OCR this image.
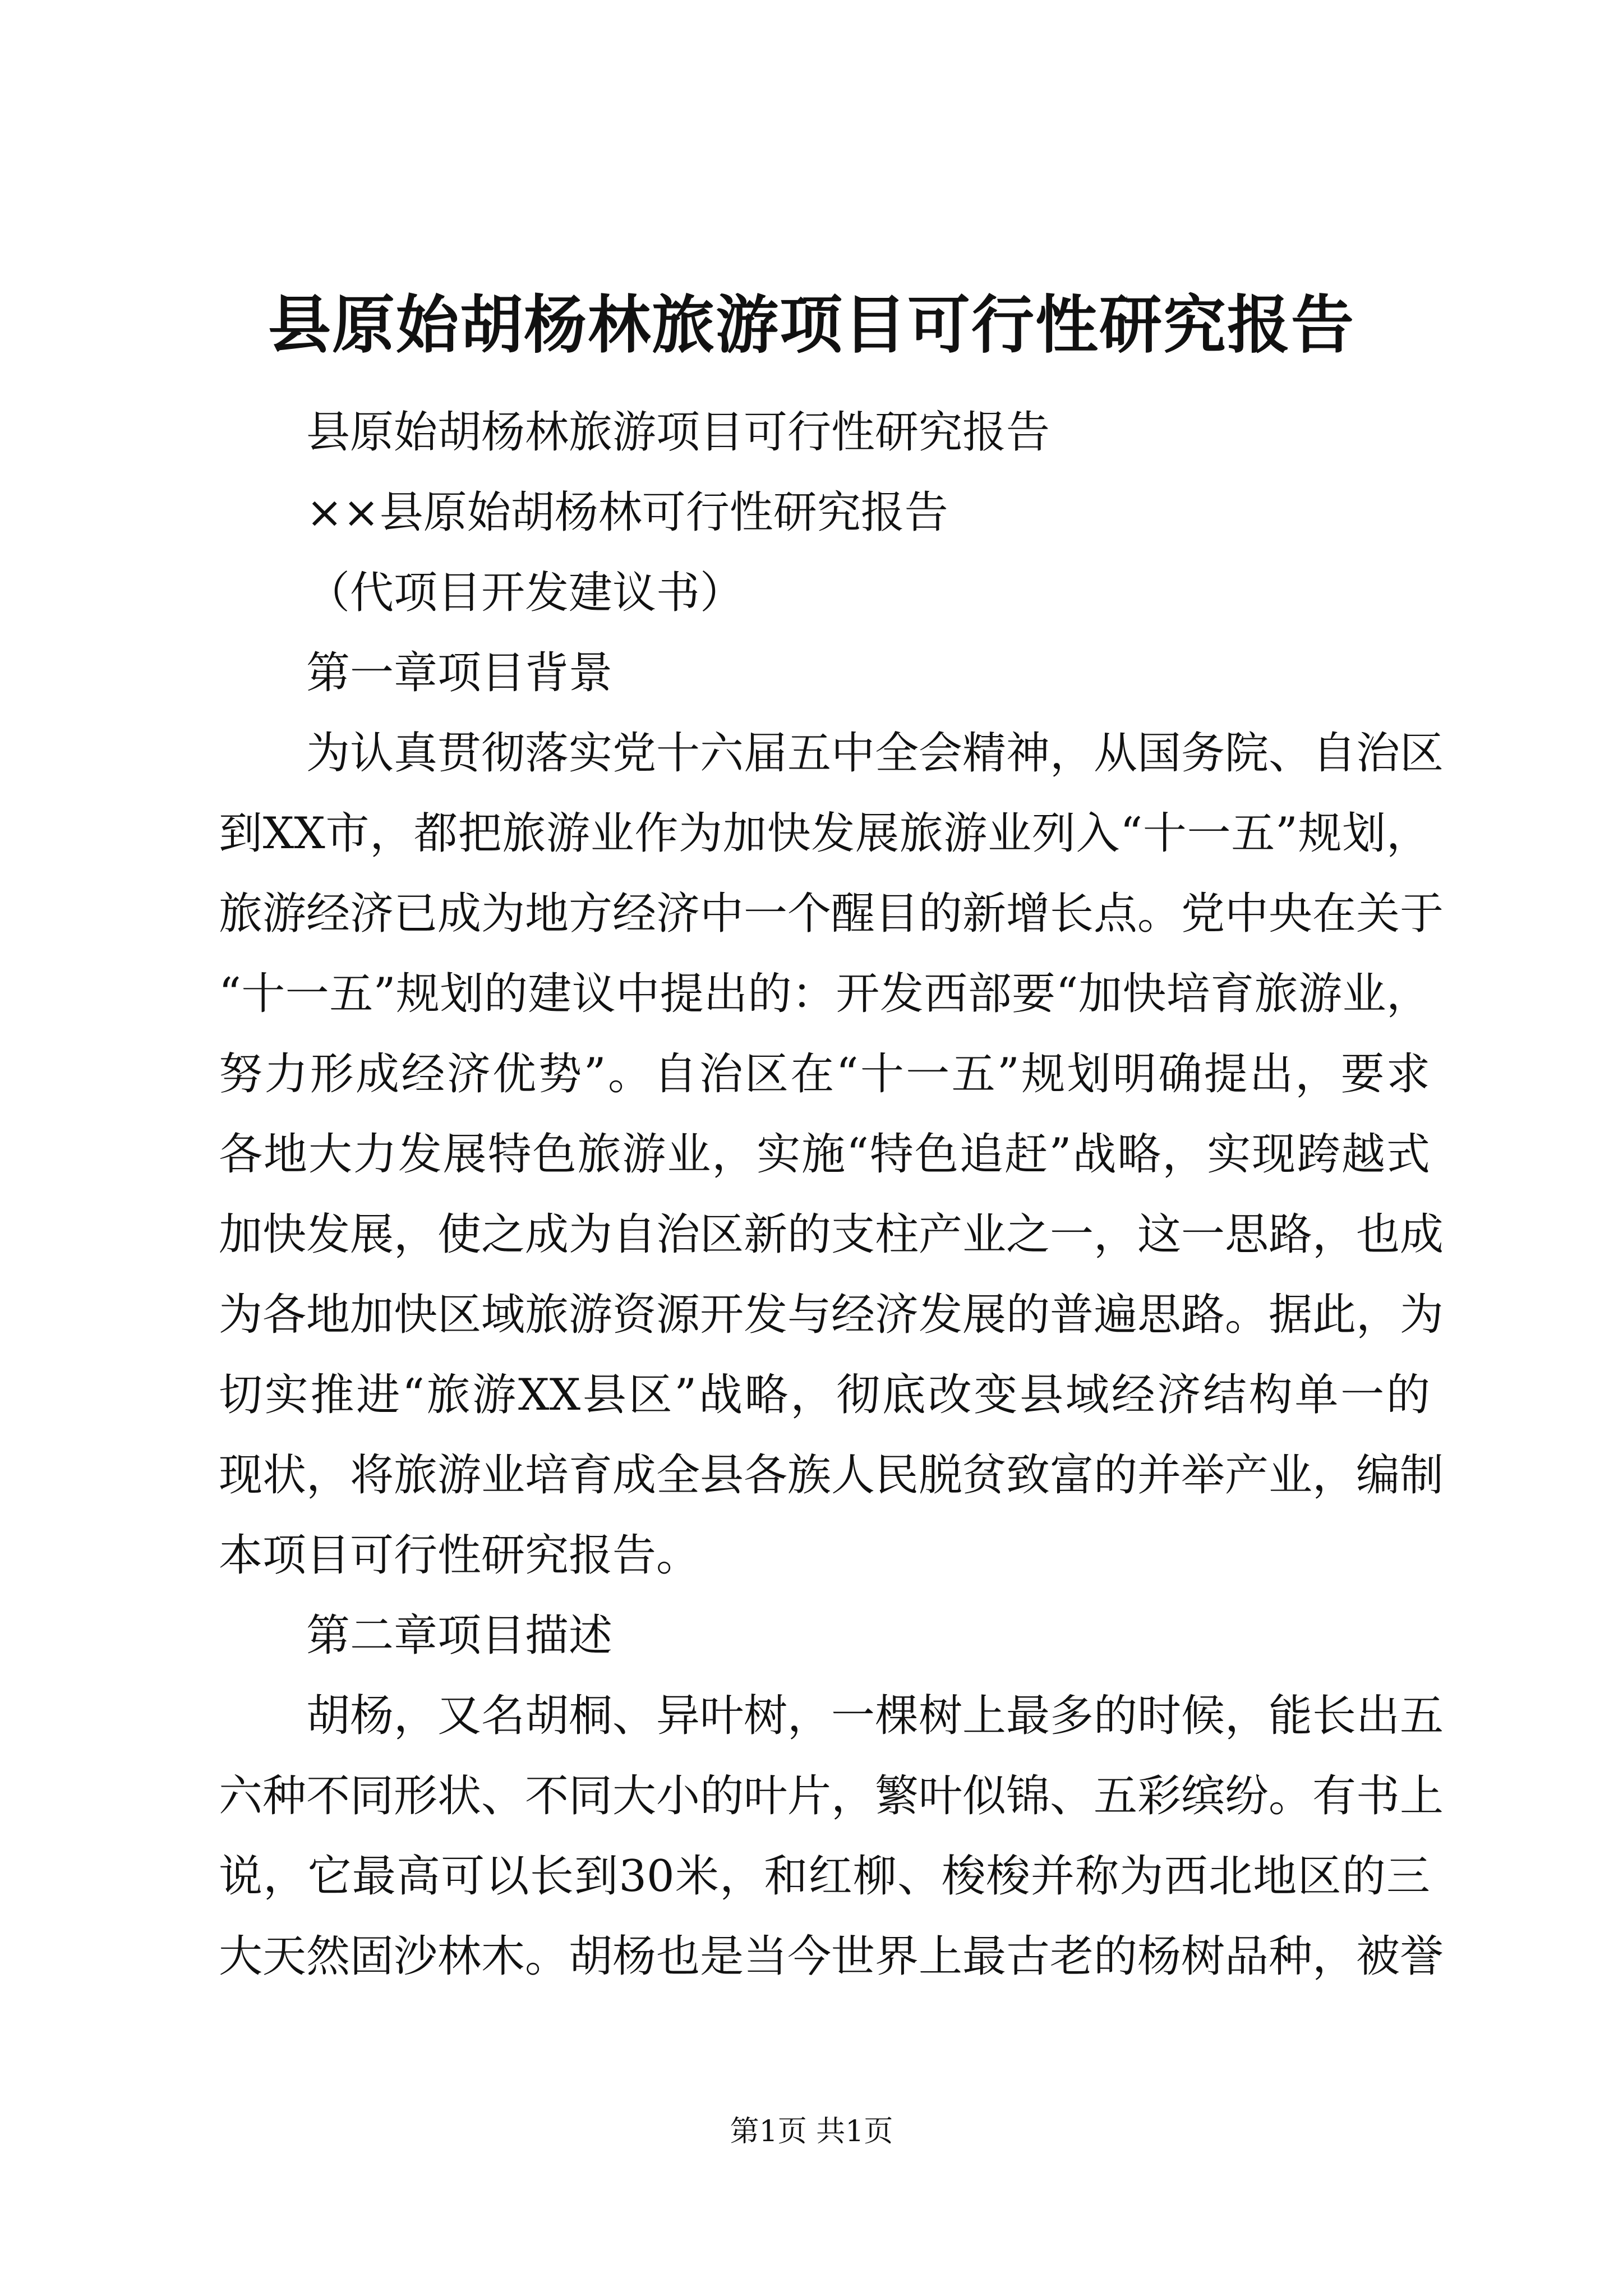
县原始胡杨林旅游项目可行性研究报告
县原始胡杨林旅游项目可行性研究报告
××县原始胡杨林可行性研究报告
（代项目开发建议书）
第一章项目背景
为认真贯彻落实党十六届五中全会精神，从国务院、自治区
到XX市，都把旅游业作为加快发展旅游业列入“十一五”规划，
旅游经济已成为地方经济中一个醒目的新增长点。党中央在关于
“十一五”规划的建议中提出的：开发西部要“加快培育旅游业，
努力形成经济优势”。自治区在“十一五”规划明确提出，要求
各地大力发展特色旅游业，实施“特色追赶”战略，实现跨越式
加快发展，使之成为自治区新的支柱产业之一，这一思路，也成
为各地加快区域旅游资源开发与经济发展的普遍思路。据此，为
切实推进“旅游XX县区”战略，彻底改变县域经济结构单一的
现状，将旅游业培育成全县各族人民脱贫致富的并举产业，编制
本项目可行性研究报告。
第二章项目描述
胡杨，又名胡桐、异叶树，一棵树上最多的时候，能长出五
六种不同形状、不同大小的叶片，繁叶似锦、五彩缤纷。有书上
说，它最高可以长到30米，和红柳、梭梭并称为西北地区的三
大天然固沙林木。胡杨也是当今世界上最古老的杨树品种，被誉
第1页 共1页
